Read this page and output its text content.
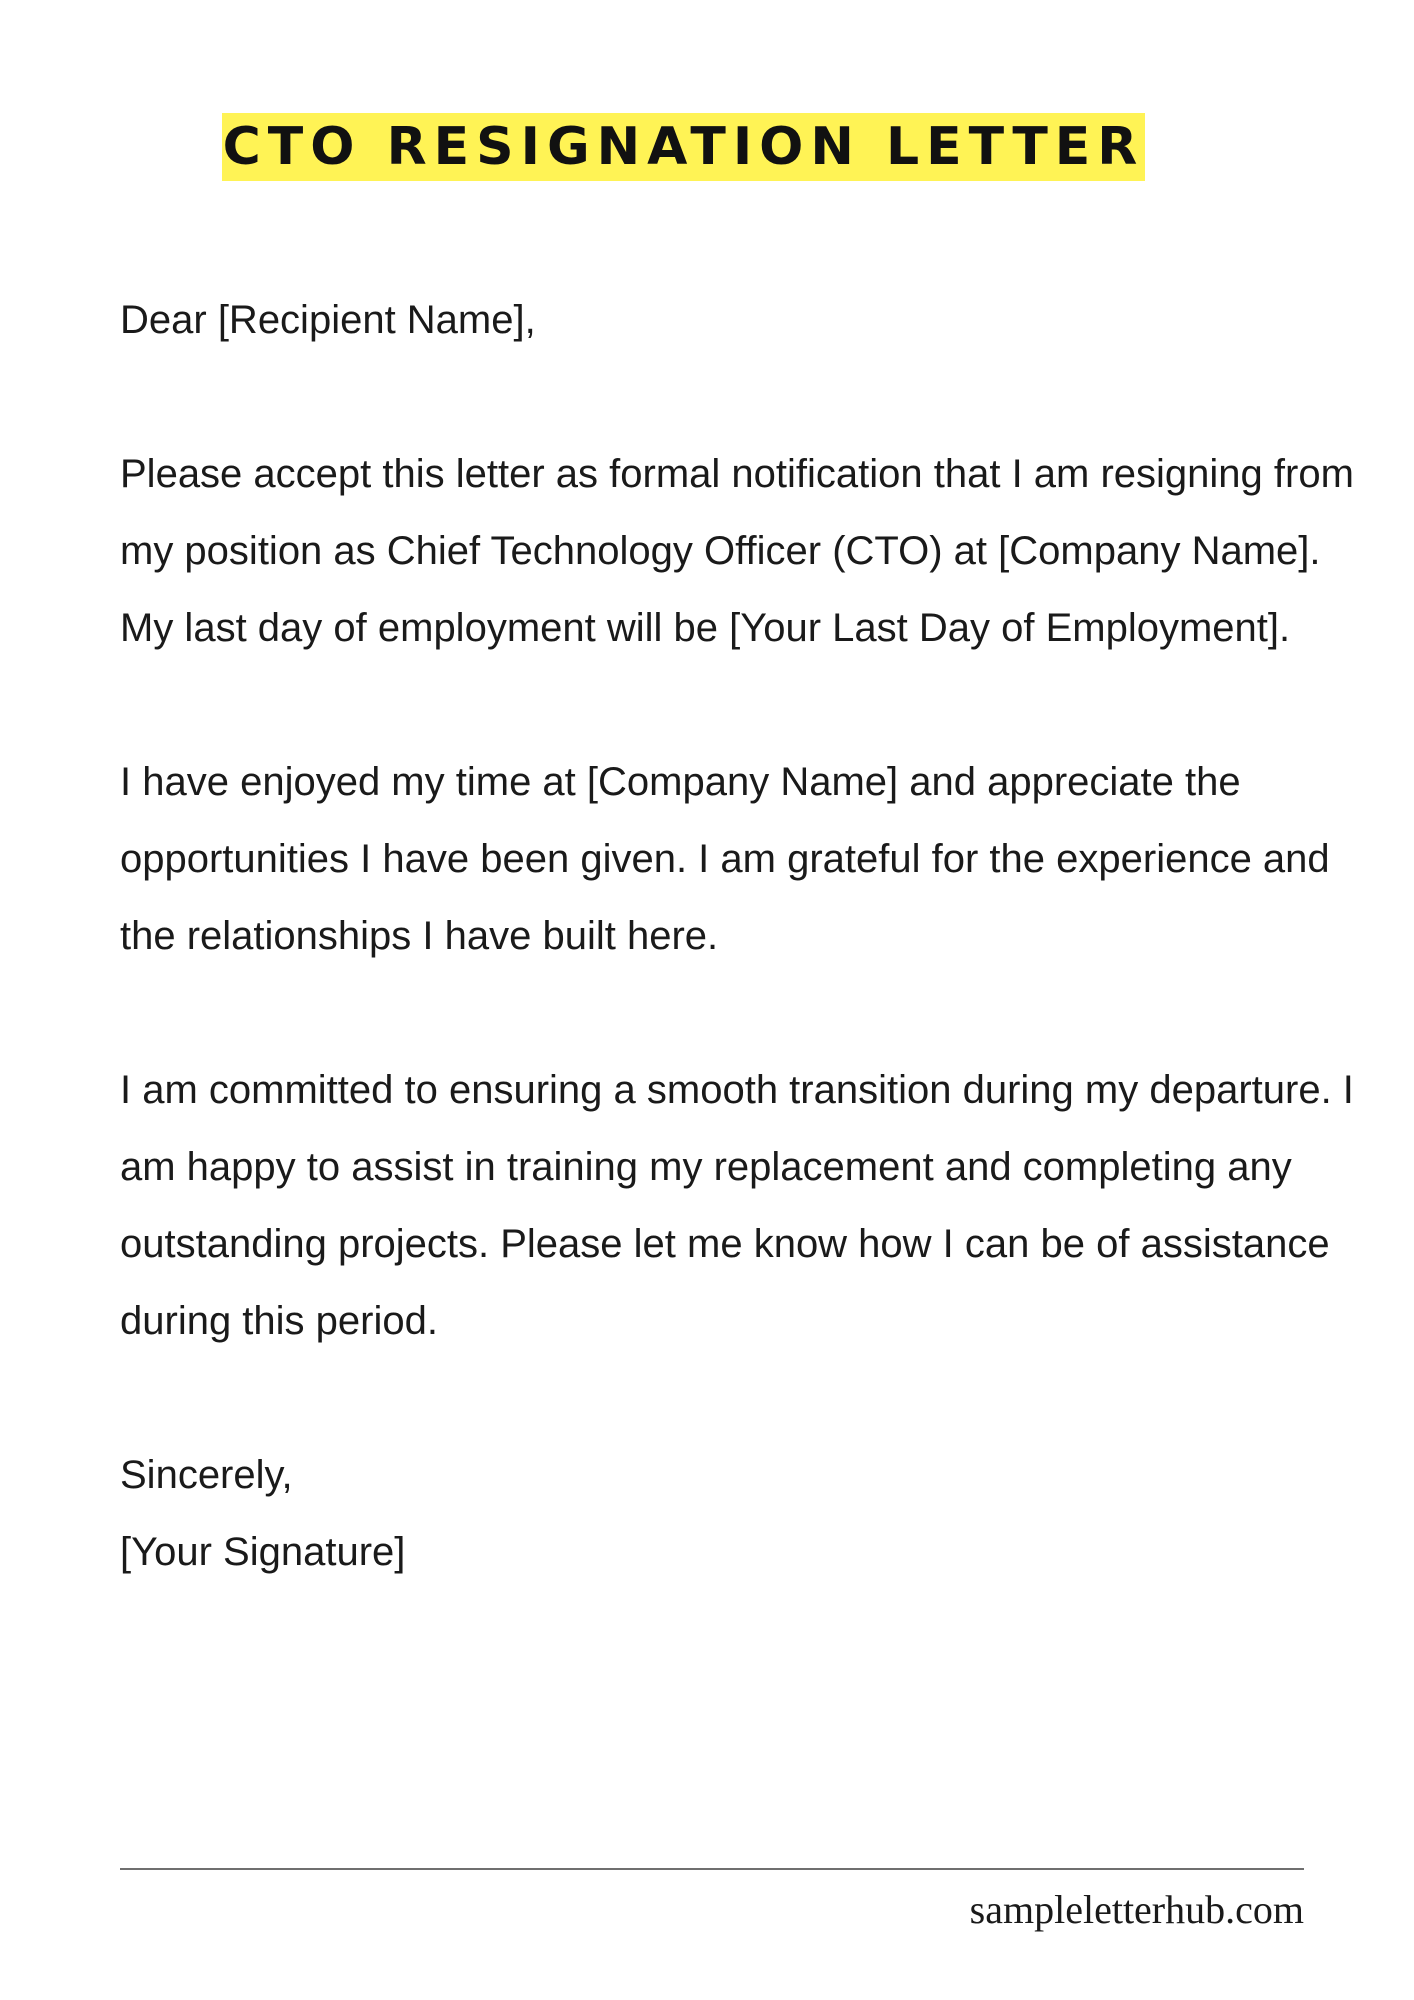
CTO RESIGNATION LETTER

Dear [Recipient Name],

Please accept this letter as formal notification that I am resigning from my position as Chief Technology Officer (CTO) at [Company Name]. My last day of employment will be [Your Last Day of Employment].

I have enjoyed my time at [Company Name] and appreciate the opportunities I have been given. I am grateful for the experience and the relationships I have built here.

I am committed to ensuring a smooth transition during my departure. I am happy to assist in training my replacement and completing any outstanding projects. Please let me know how I can be of assistance during this period.

Sincerely,

[Your Signature]

sampleletterhub.com
